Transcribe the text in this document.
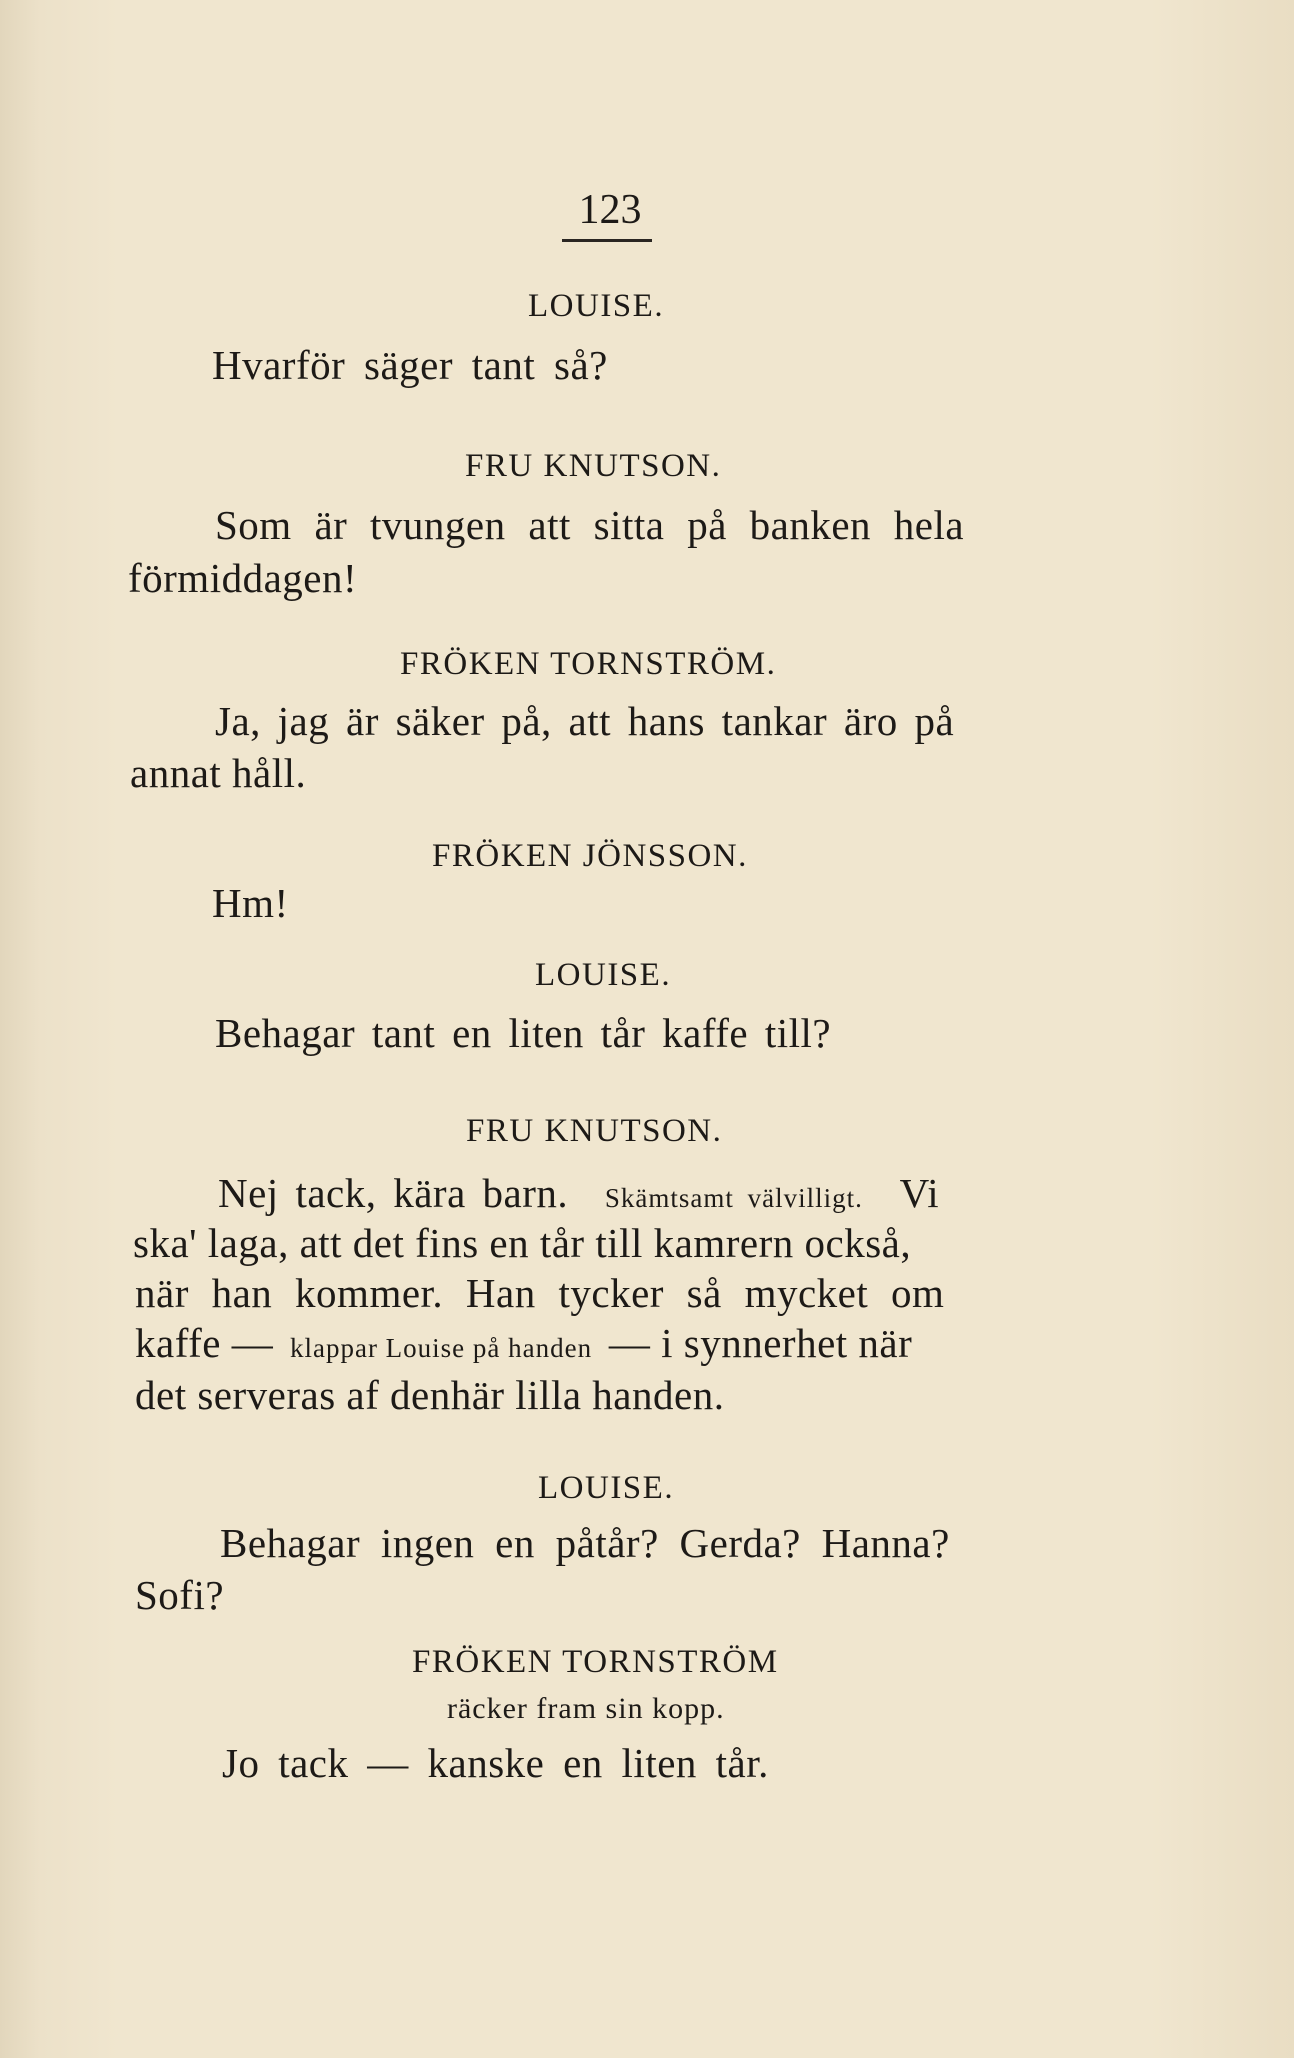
123
LOUISE.
Hvarför säger tant så?
FRU KNUTSON.
Som är tvungen att sitta på banken hela
förmiddagen!
FRÖKEN TORNSTRÖM.
Ja, jag är säker på, att hans tankar äro på
annat håll.
FRÖKEN JÖNSSON.
Hm!
LOUISE.
Behagar tant en liten tår kaffe till?
FRU KNUTSON.
Nej tack, kära barn. Skämtsamt välvilligt. Vi
ska' laga, att det fins en tår till kamrern också,
när han kommer. Han tycker så mycket om
kaffe — klappar Louise på handen — i synnerhet när
det serveras af denhär lilla handen.
LOUISE.
Behagar ingen en påtår? Gerda? Hanna?
Sofi?
FRÖKEN TORNSTRÖM
räcker fram sin kopp.
Jo tack — kanske en liten tår.
